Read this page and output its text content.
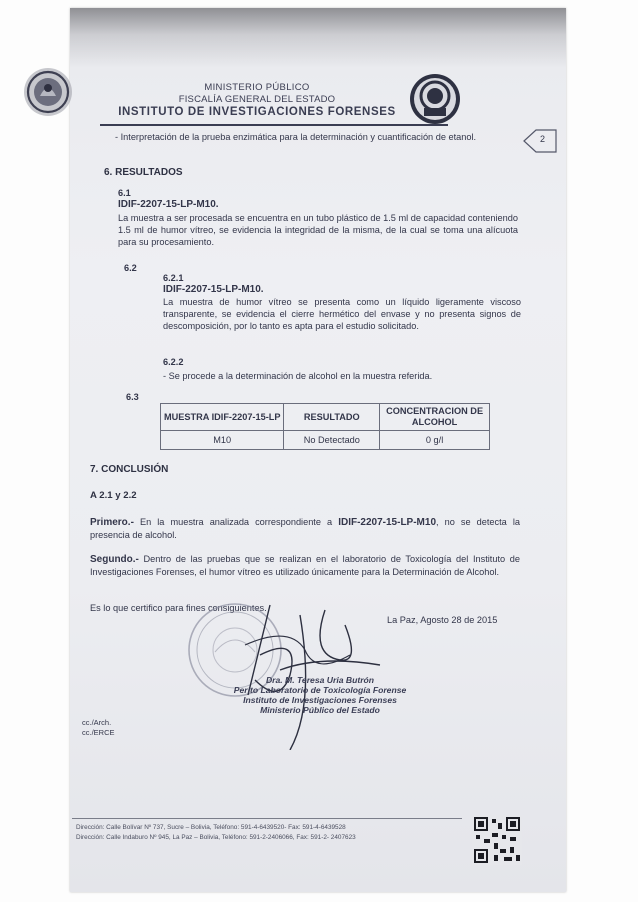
MINISTERIO PÚBLICO
FISCALÍA GENERAL DEL ESTADO
INSTITUTO DE INVESTIGACIONES FORENSES
2
- Interpretación de la prueba enzimática para la determinación y cuantificación de etanol.
6. RESULTADOS
6.1
IDIF-2207-15-LP-M10.
La muestra a ser procesada se encuentra en un tubo plástico de 1.5 ml de capacidad conteniendo 1.5 ml de humor vítreo, se evidencia la integridad de la misma, de la cual se toma una alícuota para su procesamiento.
6.2
6.2.1
IDIF-2207-15-LP-M10.
La muestra de humor vítreo se presenta como un líquido ligeramente viscoso transparente, se evidencia el cierre hermético del envase y no presenta signos de descomposición, por lo tanto es apta para el estudio solicitado.
6.2.2
- Se procede a la determinación de alcohol en la muestra referida.
6.3
MUESTRA IDIF-2207-15-LP	RESULTADO	CONCENTRACION DE ALCOHOL
M10	No Detectado	0 g/l
7. CONCLUSIÓN
A 2.1 y 2.2
Primero.- En la muestra analizada correspondiente a IDIF-2207-15-LP-M10, no se detecta la presencia de alcohol.
Segundo.- Dentro de las pruebas que se realizan en el laboratorio de Toxicología del Instituto de Investigaciones Forenses, el humor vítreo es utilizado únicamente para la Determinación de Alcohol.
Es lo que certifico para fines consiguientes.
La Paz, Agosto 28 de 2015
Dra. M. Teresa Uria Butrón
Perito Laboratorio de Toxicología Forense
Instituto de Investigaciones Forenses
Ministerio Público del Estado
cc./Arch.
cc./ERCE
Dirección: Calle Bolívar Nº 737, Sucre – Bolivia, Teléfono: 591-4-6439520- Fax: 591-4-6439528
Dirección: Calle Indaburo Nº 945, La Paz – Bolivia, Teléfono: 591-2-2406066, Fax: 591-2- 2407623
